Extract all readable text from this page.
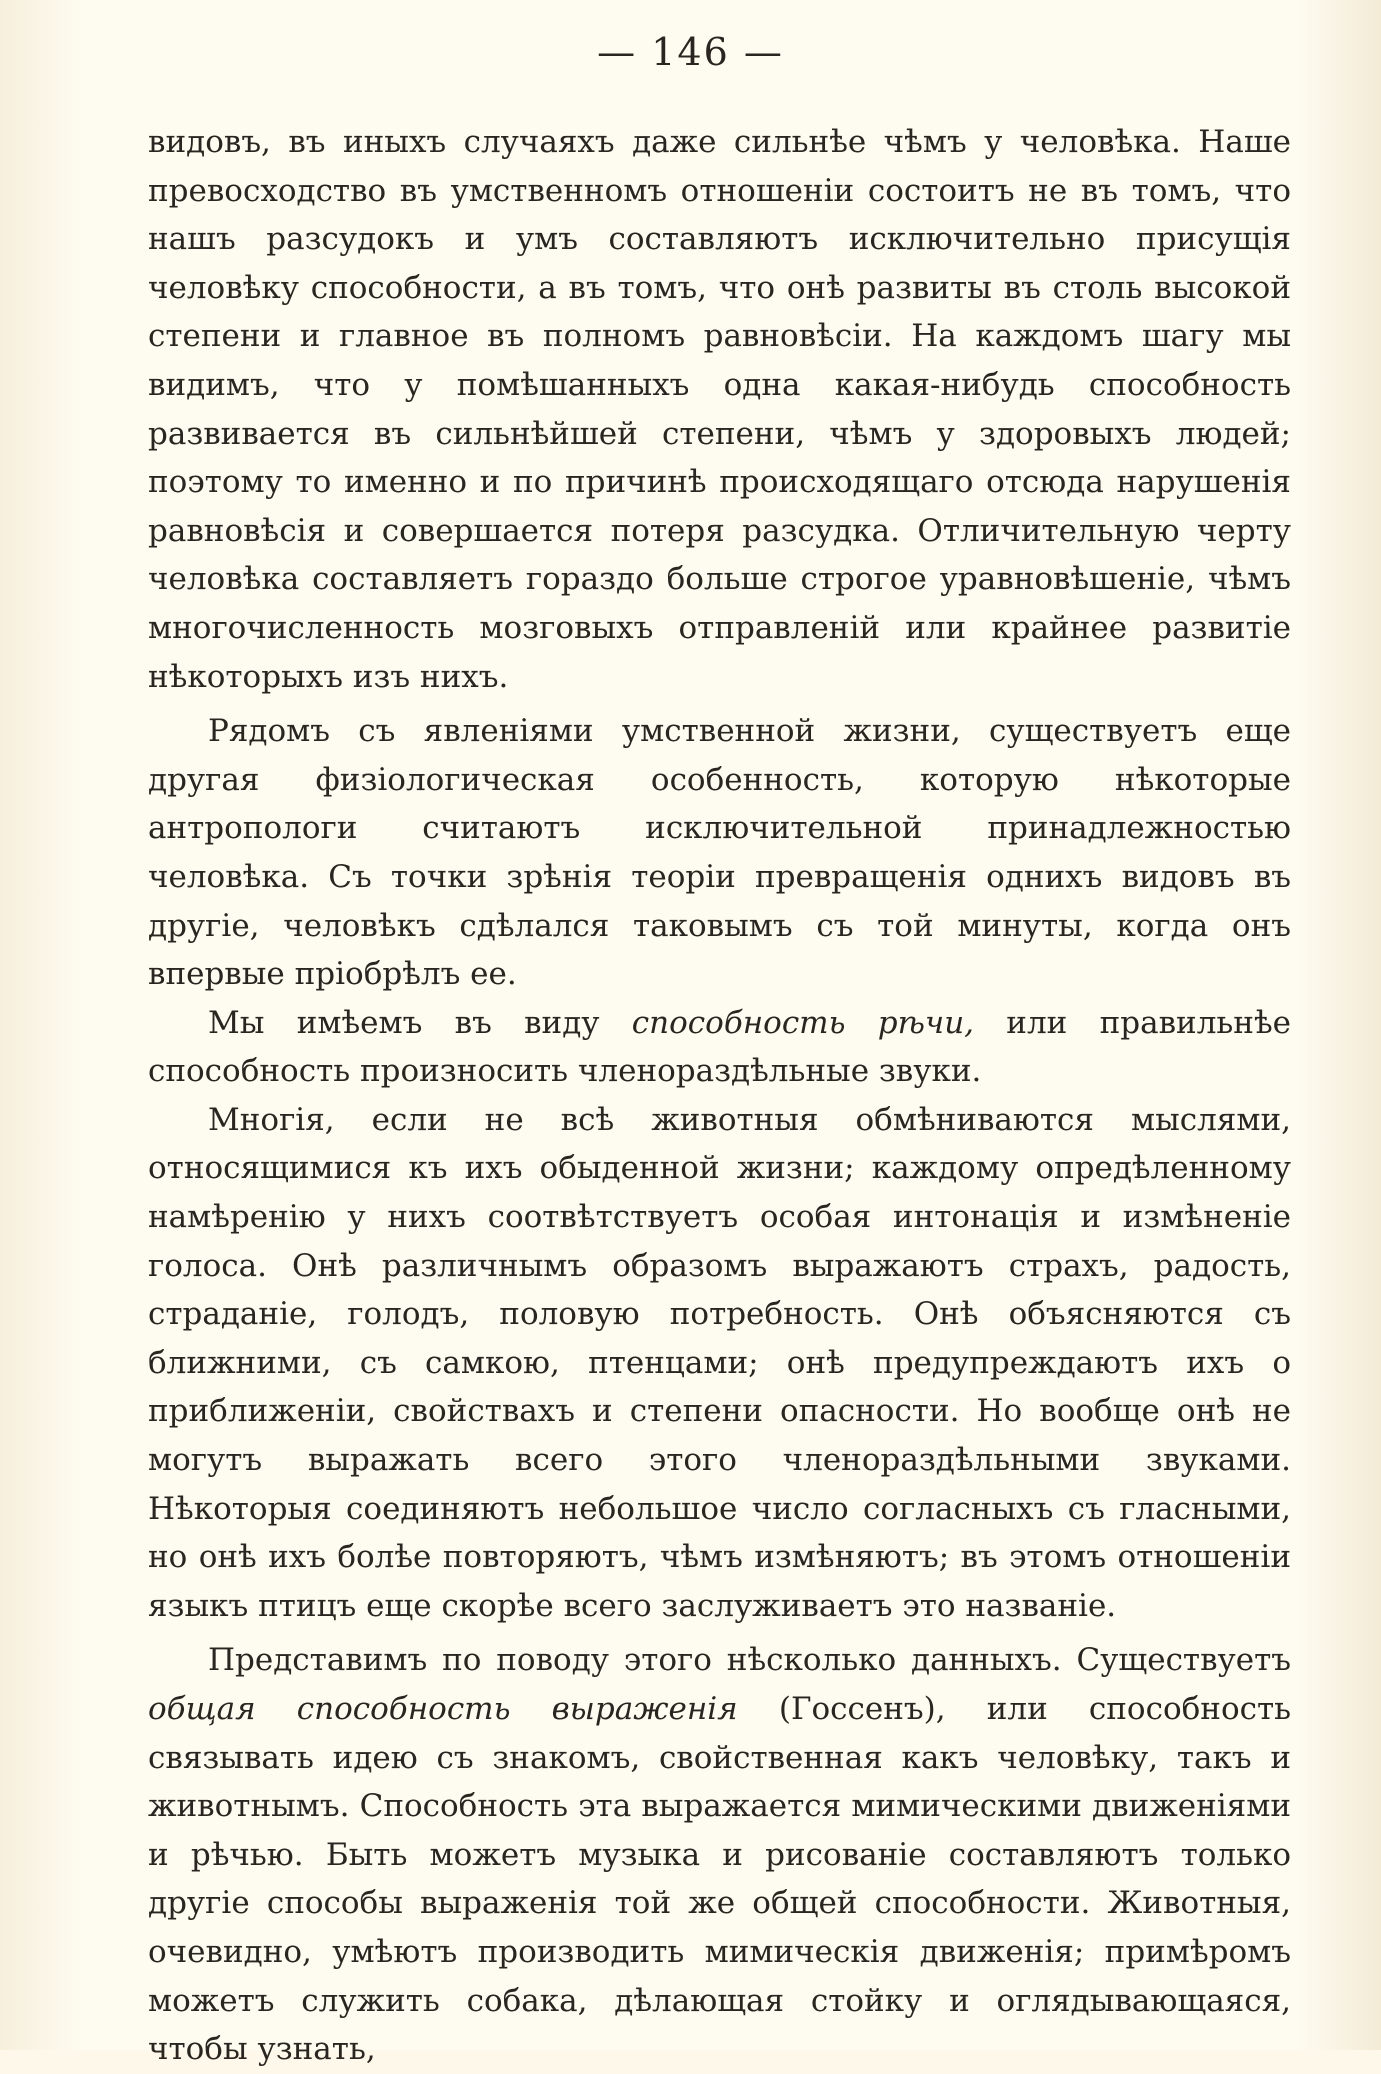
— 146 —

видовъ, въ иныхъ случаяхъ даже сильнѣе чѣмъ у человѣка. Наше превосходство въ умственномъ отношеніи состоитъ не въ томъ, что нашъ разсудокъ и умъ составляютъ исключительно присущія человѣку способности, а въ томъ, что онѣ развиты въ столь высокой степени и главное въ полномъ равновѣсіи. На каждомъ шагу мы видимъ, что у помѣшанныхъ одна какая-нибудь способность развивается въ сильнѣйшей степени, чѣмъ у здоровыхъ людей; поэтому то именно и по причинѣ происходящаго отсюда нарушенія равновѣсія и совершается потеря разсудка. Отличительную черту человѣка составляетъ гораздо больше строгое уравновѣшеніе, чѣмъ многочисленность мозговыхъ отправленій или крайнее развитіе нѣкоторыхъ изъ нихъ.

Рядомъ съ явленіями умственной жизни, существуетъ еще другая физіологическая особенность, которую нѣкоторые антропологи считаютъ исключительной принадлежностью человѣка. Съ точки зрѣнія теоріи превращенія однихъ видовъ въ другіе, человѣкъ сдѣлался таковымъ съ той минуты, когда онъ впервые пріобрѣлъ ее.

Мы имѣемъ въ виду способность рѣчи, или правильнѣе способность произносить членораздѣльные звуки.

Многія, если не всѣ животныя обмѣниваются мыслями, относящимися къ ихъ обыденной жизни; каждому опредѣленному намѣренію у нихъ соотвѣтствуетъ особая интонація и измѣненіе голоса. Онѣ различнымъ образомъ выражаютъ страхъ, радость, страданіе, голодъ, половую потребность. Онѣ объясняются съ ближними, съ самкою, птенцами; онѣ предупреждаютъ ихъ о приближеніи, свойствахъ и степени опасности. Но вообще онѣ не могутъ выражать всего этого членораздѣльными звуками. Нѣкоторыя соединяютъ небольшое число согласныхъ съ гласными, но онѣ ихъ болѣе повторяютъ, чѣмъ измѣняютъ; въ этомъ отношеніи языкъ птицъ еще скорѣе всего заслуживаетъ это названіе.

Представимъ по поводу этого нѣсколько данныхъ. Существуетъ общая способность выраженія (Госсенъ), или способность связывать идею съ знакомъ, свойственная какъ человѣку, такъ и животнымъ. Способность эта выражается мимическими движеніями и рѣчью. Быть можетъ музыка и рисованіе составляютъ только другіе способы выраженія той же общей способности. Животныя, очевидно, умѣютъ производить мимическія движенія; примѣромъ можетъ служить собака, дѣлающая стойку и оглядывающаяся, чтобы узнать,
